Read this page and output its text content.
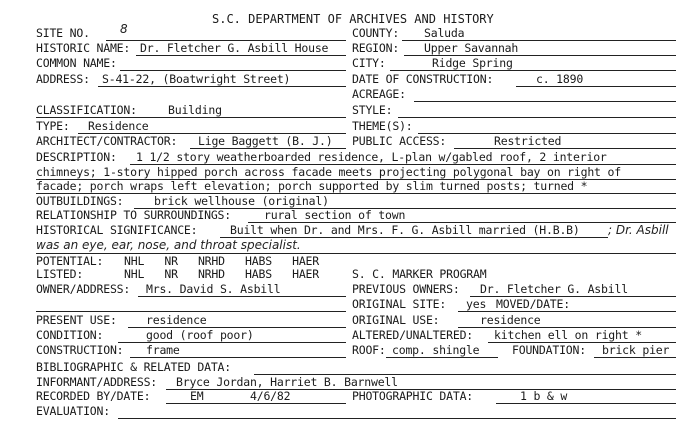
S.C. DEPARTMENT OF ARCHIVES AND HISTORY
SITE NO.	8	COUNTY: Saluda
HISTORIC NAME: Dr. Fletcher G. Asbill House REGION: Upper Savannah
COMMON NAME:	CITY:	Ridge Spring
ADDRESS: S-41-22, (Boatwright Street)	DATE OF CONSTRUCTION:	c. 1890
ACREAGE:
CLASSIFICATION:	Building	STYLE:
TYPE: Residence	THEME(S):
ARCHITECT/CONTRACTOR: Lige Baggett (B. J.) PUBLIC ACCESS:	Restricted
DESCRIPTION: 1 1/2 story weatherboarded residence, L-plan w/gabled roof, 2 interior
chimneys; 1-story hipped porch across facade meets projecting polygonal bay on right of
facade; porch wraps left elevation; porch supported by slim turned posts; turned *
OUTBUILDINGS:	brick wellhouse (original)
RELATIONSHIP TO SURROUNDINGS:	rural section of town
HISTORICAL SIGNIFICANCE:	Built when Dr. and Mrs. F. G. Asbill married (H.B.B) ; Dr. Asbill
was an eye, ear, nose, and throat specialist.
POTENTIAL: NHL   NR   NRHD   HABS   HAER
LISTED:	NHL   NR   NRHD   HABS   HAER	S. C. MARKER PROGRAM
OWNER/ADDRESS: Mrs. David S. Asbill	PREVIOUS OWNERS: Dr. Fletcher G. Asbill
ORIGINAL SITE: yes MOVED/DATE:
PRESENT USE:	residence	ORIGINAL USE:	residence
CONDITION:	good (roof poor)	ALTERED/UNALTERED: kitchen ell on right *
CONSTRUCTION: frame	ROOF: comp. shingle	FOUNDATION: brick pier
BIBLIOGRAPHIC & RELATED DATA:
INFORMANT/ADDRESS: Bryce Jordan, Harriet B. Barnwell
RECORDED BY/DATE:	EM	4/6/82	PHOTOGRAPHIC DATA:	1 b & w
EVALUATION:
